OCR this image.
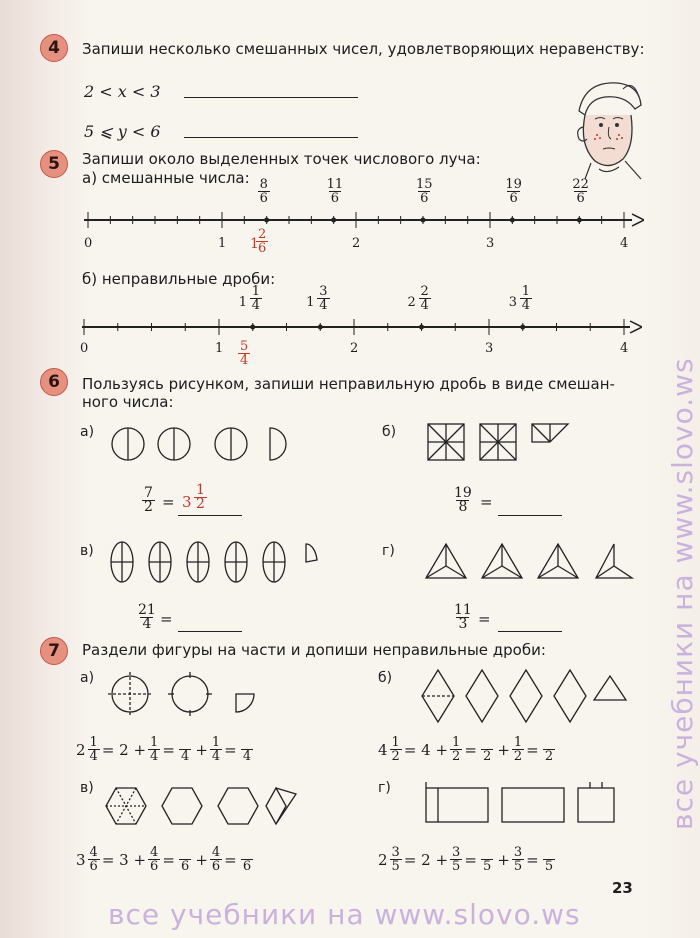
4	Запиши несколько смешанных чисел, удовлетворяющих неравенству:
2 < x < 3
5 ⩽ y < 6
5	Запиши около выделенных точек числового луча:
а) смешанные числа: $\frac{8}{6}$	$\frac{11}{6}$	$\frac{15}{6}$	$\frac{19}{6}$	$\frac{22}{6}$
0	1	2	3	4
1
$\frac{2}{6}$
б) неправильные дроби:
$1 \frac{1}{4}$	$1 \frac{3}{4}$	$2 \frac{2}{4}$	$3 \frac{1}{4}$
0	1	2	3	4
$\frac{5}{4}$
6	Пользуясь рисунком, запиши неправильную дробь в виде смешан-
ного числа:
а)
$\frac{7}{2} = 3 \frac{1}{2}$
б)
$\frac{19}{8}$ =
в)
$\frac{21}{4}$ =
г)
$\frac{11}{3}$ =
7	Раздели фигуры на части и допиши неправильные дроби:
а)
$2 \frac{1}{4} = 2 + \frac{1}{4}$ =
$4 + \frac{1}{4}$ =
4
б)
$4 \frac{1}{2} = 4 + \frac{1}{2}$ =
$2 + \frac{1}{2}$ =
2
в)
$3 \frac{4}{6} = 3 + \frac{4}{6}$ =
$6 + \frac{4}{6}$ =
6
г)
$2 \frac{3}{5} = 2 + \frac{3}{5}$ =
$5 + \frac{3}{5}$ =
5
23
все учебники на www.slovo.ws
все учебники на www.slovo.ws
